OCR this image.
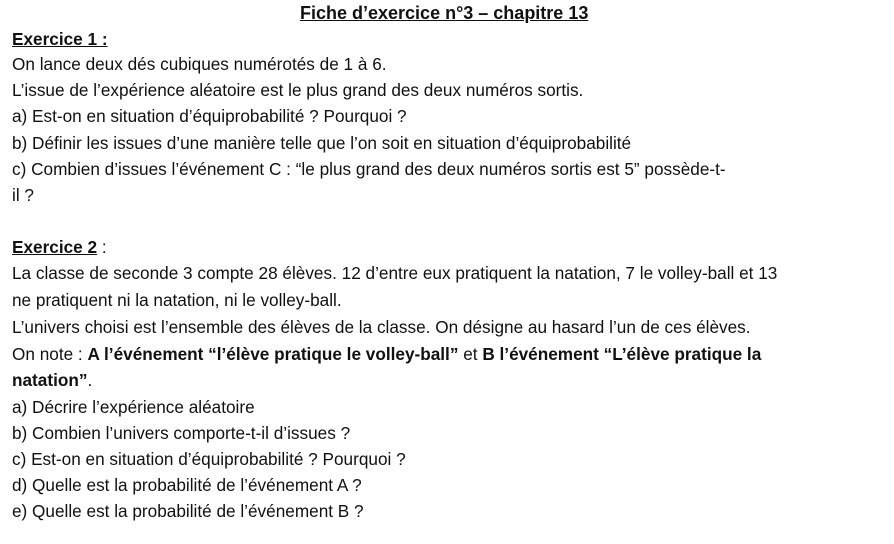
Fiche d’exercice n°3 – chapitre 13
Exercice 1 :
On lance deux dés cubiques numérotés de 1 à 6.
L’issue de l’expérience aléatoire est le plus grand des deux numéros sortis.
a) Est-on en situation d’équiprobabilité ? Pourquoi ?
b) Définir les issues d’une manière telle que l’on soit en situation d’équiprobabilité
c) Combien d’issues l’événement C : “le plus grand des deux numéros sortis est 5” possède-t-
il ?
Exercice 2 :
La classe de seconde 3 compte 28 élèves. 12 d’entre eux pratiquent la natation, 7 le volley-ball et 13
ne pratiquent ni la natation, ni le volley-ball.
L’univers choisi est l’ensemble des élèves de la classe. On désigne au hasard l’un de ces élèves.
On note : A l’événement “l’élève pratique le volley-ball” et B l’événement “L’élève pratique la
natation”.
a) Décrire l’expérience aléatoire
b) Combien l’univers comporte-t-il d’issues ?
c) Est-on en situation d’équiprobabilité ? Pourquoi ?
d) Quelle est la probabilité de l’événement A ?
e) Quelle est la probabilité de l’événement B ?
